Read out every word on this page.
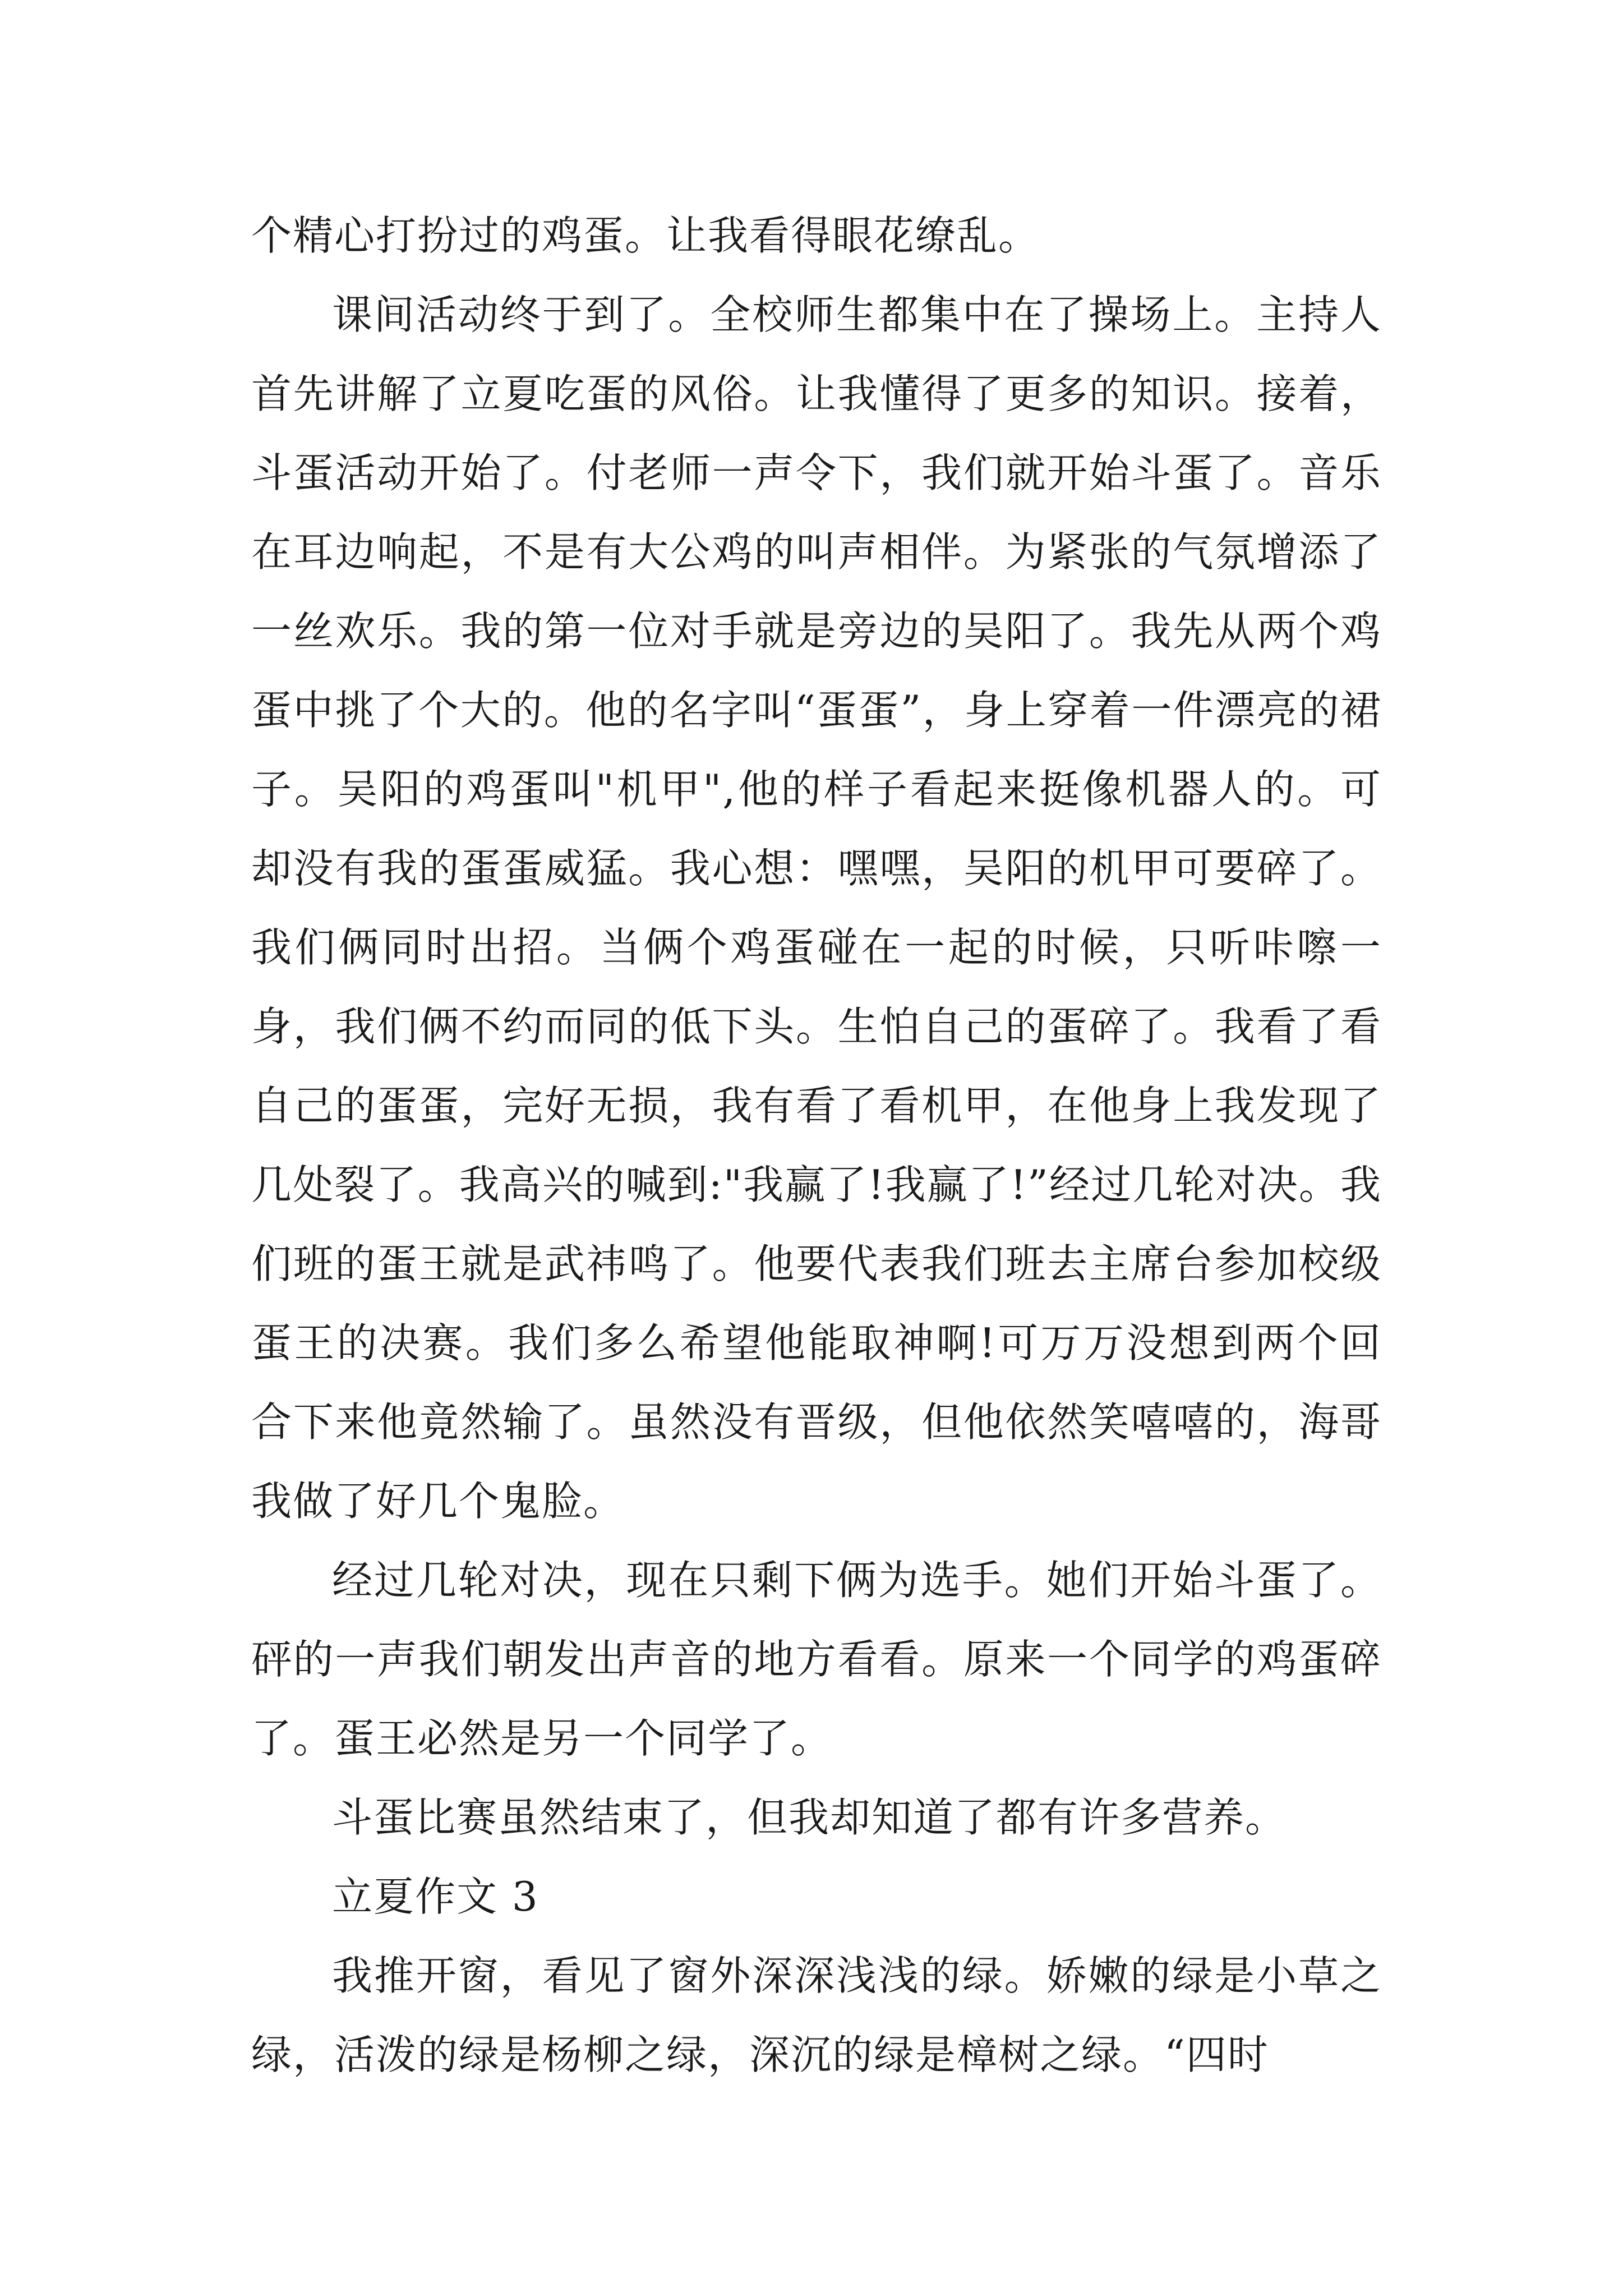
个精心打扮过的鸡蛋。让我看得眼花缭乱。

课间活动终于到了。全校师生都集中在了操场上。主持人首先讲解了立夏吃蛋的风俗。让我懂得了更多的知识。接着，斗蛋活动开始了。付老师一声令下，我们就开始斗蛋了。音乐在耳边响起，不是有大公鸡的叫声相伴。为紧张的气氛增添了一丝欢乐。我的第一位对手就是旁边的吴阳了。我先从两个鸡蛋中挑了个大的。他的名字叫“蛋蛋”，身上穿着一件漂亮的裙子。吴阳的鸡蛋叫"机甲",他的样子看起来挺像机器人的。可却没有我的蛋蛋威猛。我心想：嘿嘿，吴阳的机甲可要碎了。我们俩同时出招。当俩个鸡蛋碰在一起的时候，只听咔嚓一身，我们俩不约而同的低下头。生怕自己的蛋碎了。我看了看自己的蛋蛋，完好无损，我有看了看机甲，在他身上我发现了几处裂了。我高兴的喊到:"我赢了!我赢了!”经过几轮对决。我们班的蛋王就是武祎鸣了。他要代表我们班去主席台参加校级蛋王的决赛。我们多么希望他能取神啊!可万万没想到两个回合下来他竟然输了。虽然没有晋级，但他依然笑嘻嘻的，海哥我做了好几个鬼脸。

经过几轮对决，现在只剩下俩为选手。她们开始斗蛋了。砰的一声我们朝发出声音的地方看看。原来一个同学的鸡蛋碎了。蛋王必然是另一个同学了。

斗蛋比赛虽然结束了，但我却知道了都有许多营养。

立夏作文 3

我推开窗，看见了窗外深深浅浅的绿。娇嫩的绿是小草之绿，活泼的绿是杨柳之绿，深沉的绿是樟树之绿。“四时
